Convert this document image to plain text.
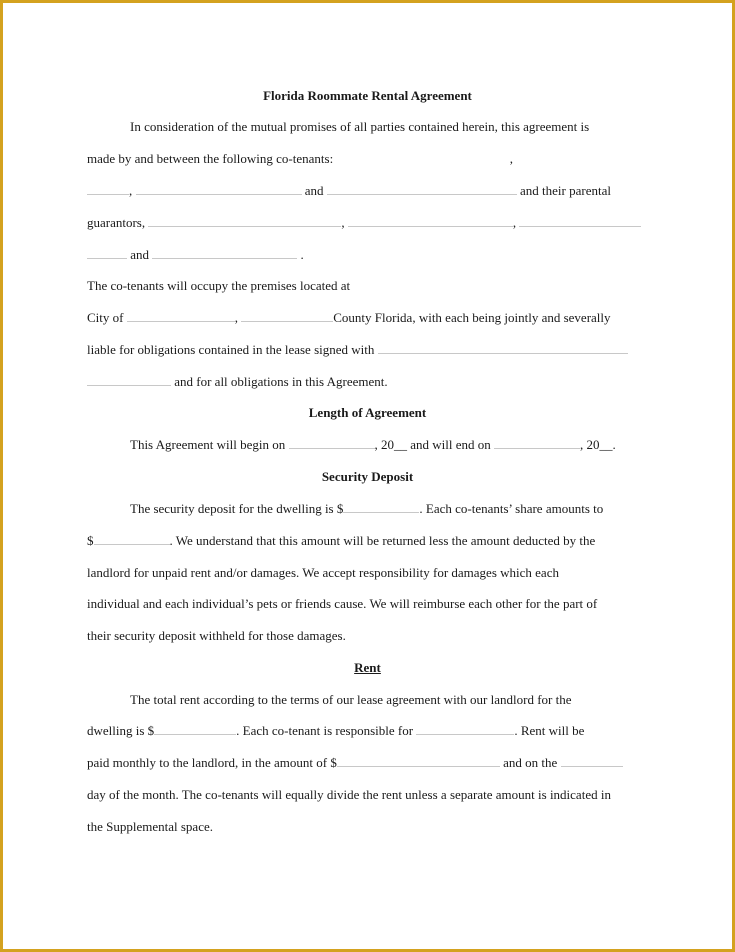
Florida Roommate Rental Agreement
In consideration of the mutual promises of all parties contained herein, this agreement is
made by and between the following co-tenants:	,
,	and	and their parental
guarantors,	,	,
and	.
The co-tenants will occupy the premises located at
City of	,	County Florida, with each being jointly and severally
liable for obligations contained in the lease signed with
and for all obligations in this Agreement.
Length of Agreement
This Agreement will begin on	, 20__ and will end on	, 20__.
Security Deposit
The security deposit for the dwelling is $	. Each co-tenants’ share amounts to
$	. We understand that this amount will be returned less the amount deducted by the
landlord for unpaid rent and/or damages. We accept responsibility for damages which each
individual and each individual’s pets or friends cause. We will reimburse each other for the part of
their security deposit withheld for those damages.
Rent
The total rent according to the terms of our lease agreement with our landlord for the
dwelling is $	. Each co-tenant is responsible for	. Rent will be
paid monthly to the landlord, in the amount of $	and on the
day of the month. The co-tenants will equally divide the rent unless a separate amount is indicated in
the Supplemental space.
